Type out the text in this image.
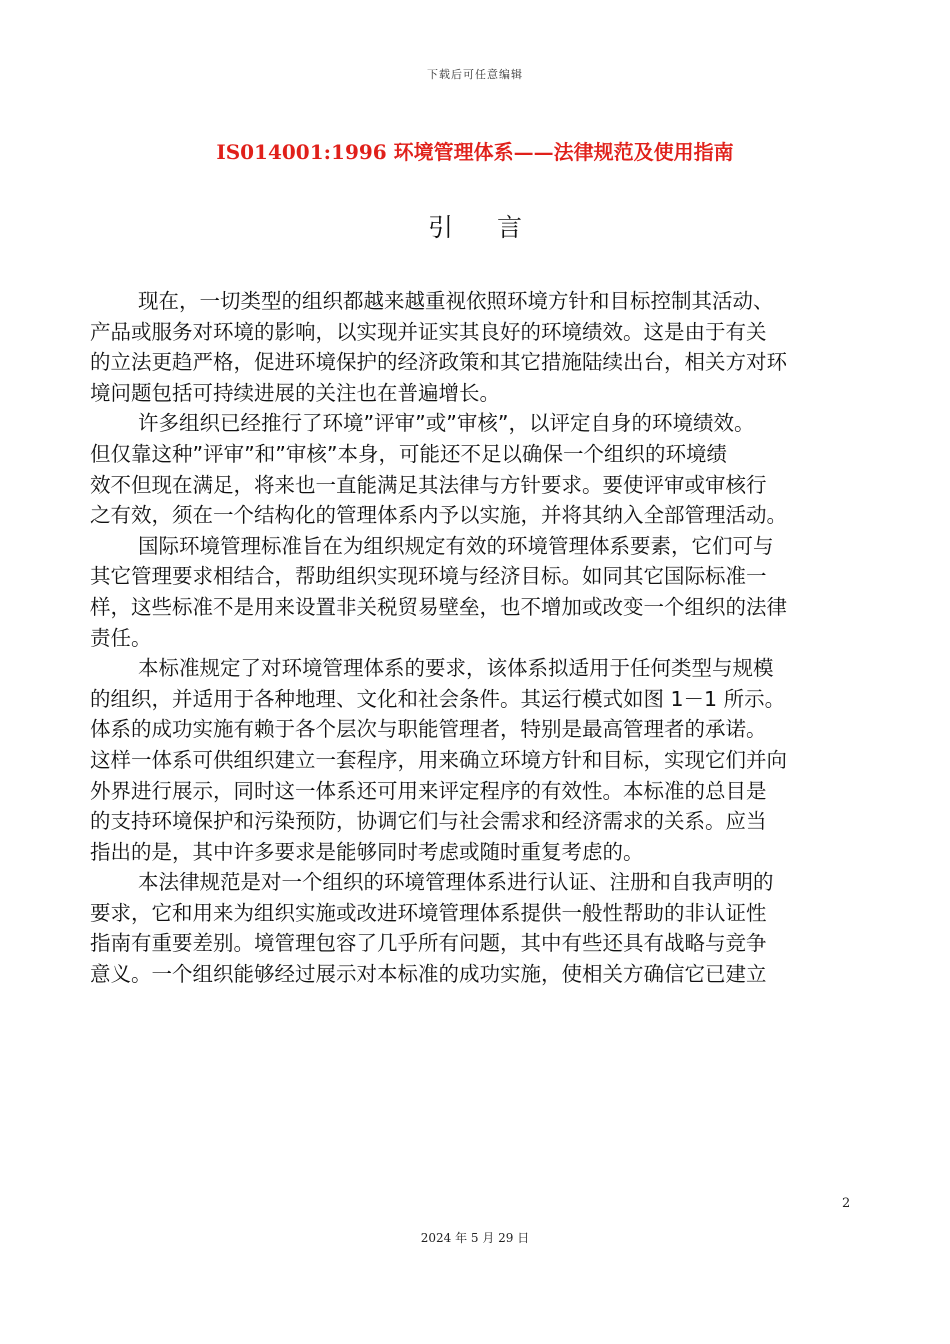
下载后可任意编辑
IS014001:1996 环境管理体系——法律规范及使用指南
引言

现在，一切类型的组织都越来越重视依照环境方针和目标控制其活动、
产品或服务对环境的影响，以实现并证实其良好的环境绩效。这是由于有关
的立法更趋严格，促进环境保护的经济政策和其它措施陆续出台，相关方对环
境问题包括可持续进展的关注也在普遍增长。

许多组织已经推行了环境”评审”或”审核”，以评定自身的环境绩效。
但仅靠这种”评审”和”审核”本身，可能还不足以确保一个组织的环境绩
效不但现在满足，将来也一直能满足其法律与方针要求。要使评审或审核行
之有效，须在一个结构化的管理体系内予以实施，并将其纳入全部管理活动。

国际环境管理标准旨在为组织规定有效的环境管理体系要素，它们可与
其它管理要求相结合，帮助组织实现环境与经济目标。如同其它国际标准一
样，这些标准不是用来设置非关税贸易壁垒，也不增加或改变一个组织的法律
责任。

本标准规定了对环境管理体系的要求，该体系拟适用于任何类型与规模
的组织，并适用于各种地理、文化和社会条件。其运行模式如图 1－1 所示。
体系的成功实施有赖于各个层次与职能管理者，特别是最高管理者的承诺。
这样一体系可供组织建立一套程序，用来确立环境方针和目标，实现它们并向
外界进行展示，同时这一体系还可用来评定程序的有效性。本标准的总目是
的支持环境保护和污染预防，协调它们与社会需求和经济需求的关系。应当
指出的是，其中许多要求是能够同时考虑或随时重复考虑的。

本法律规范是对一个组织的环境管理体系进行认证、注册和自我声明的
要求，它和用来为组织实施或改进环境管理体系提供一般性帮助的非认证性
指南有重要差别。境管理包容了几乎所有问题，其中有些还具有战略与竞争
意义。一个组织能够经过展示对本标准的成功实施，使相关方确信它已建立

2
2024 年 5 月 29 日
